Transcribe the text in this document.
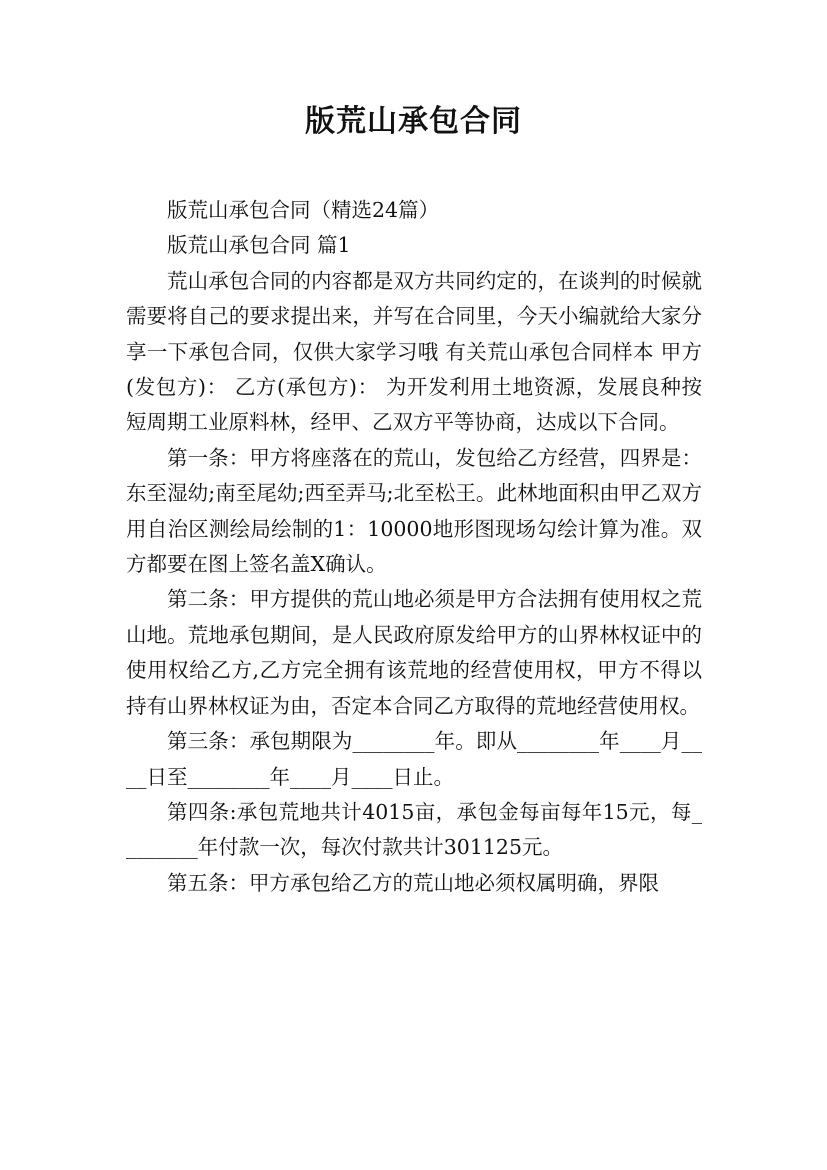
版荒山承包合同

版荒山承包合同（精选24篇）

版荒山承包合同 篇1

荒山承包合同的内容都是双方共同约定的，在谈判的时候就需要将自己的要求提出来，并写在合同里，今天小编就给大家分享一下承包合同，仅供大家学习哦 有关荒山承包合同样本 甲方(发包方)： 乙方(承包方)： 为开发利用土地资源，发展良种按短周期工业原料林，经甲、乙双方平等协商，达成以下合同。

第一条：甲方将座落在的荒山，发包给乙方经营，四界是：东至湿幼;南至尾幼;西至弄马;北至松王。此林地面积由甲乙双方用自治区测绘局绘制的1：10000地形图现场勾绘计算为准。双方都要在图上签名盖X确认。

第二条：甲方提供的荒山地必须是甲方合法拥有使用权之荒山地。荒地承包期间，是人民政府原发给甲方的山界林权证中的使用权给乙方,乙方完全拥有该荒地的经营使用权，甲方不得以持有山界林权证为由，否定本合同乙方取得的荒地经营使用权。

第三条：承包期限为________年。即从________年____月____日至________年____月____日止。

第四条:承包荒地共计4015亩，承包金每亩每年15元，每________年付款一次，每次付款共计301125元。

第五条：甲方承包给乙方的荒山地必须权属明确，界限
